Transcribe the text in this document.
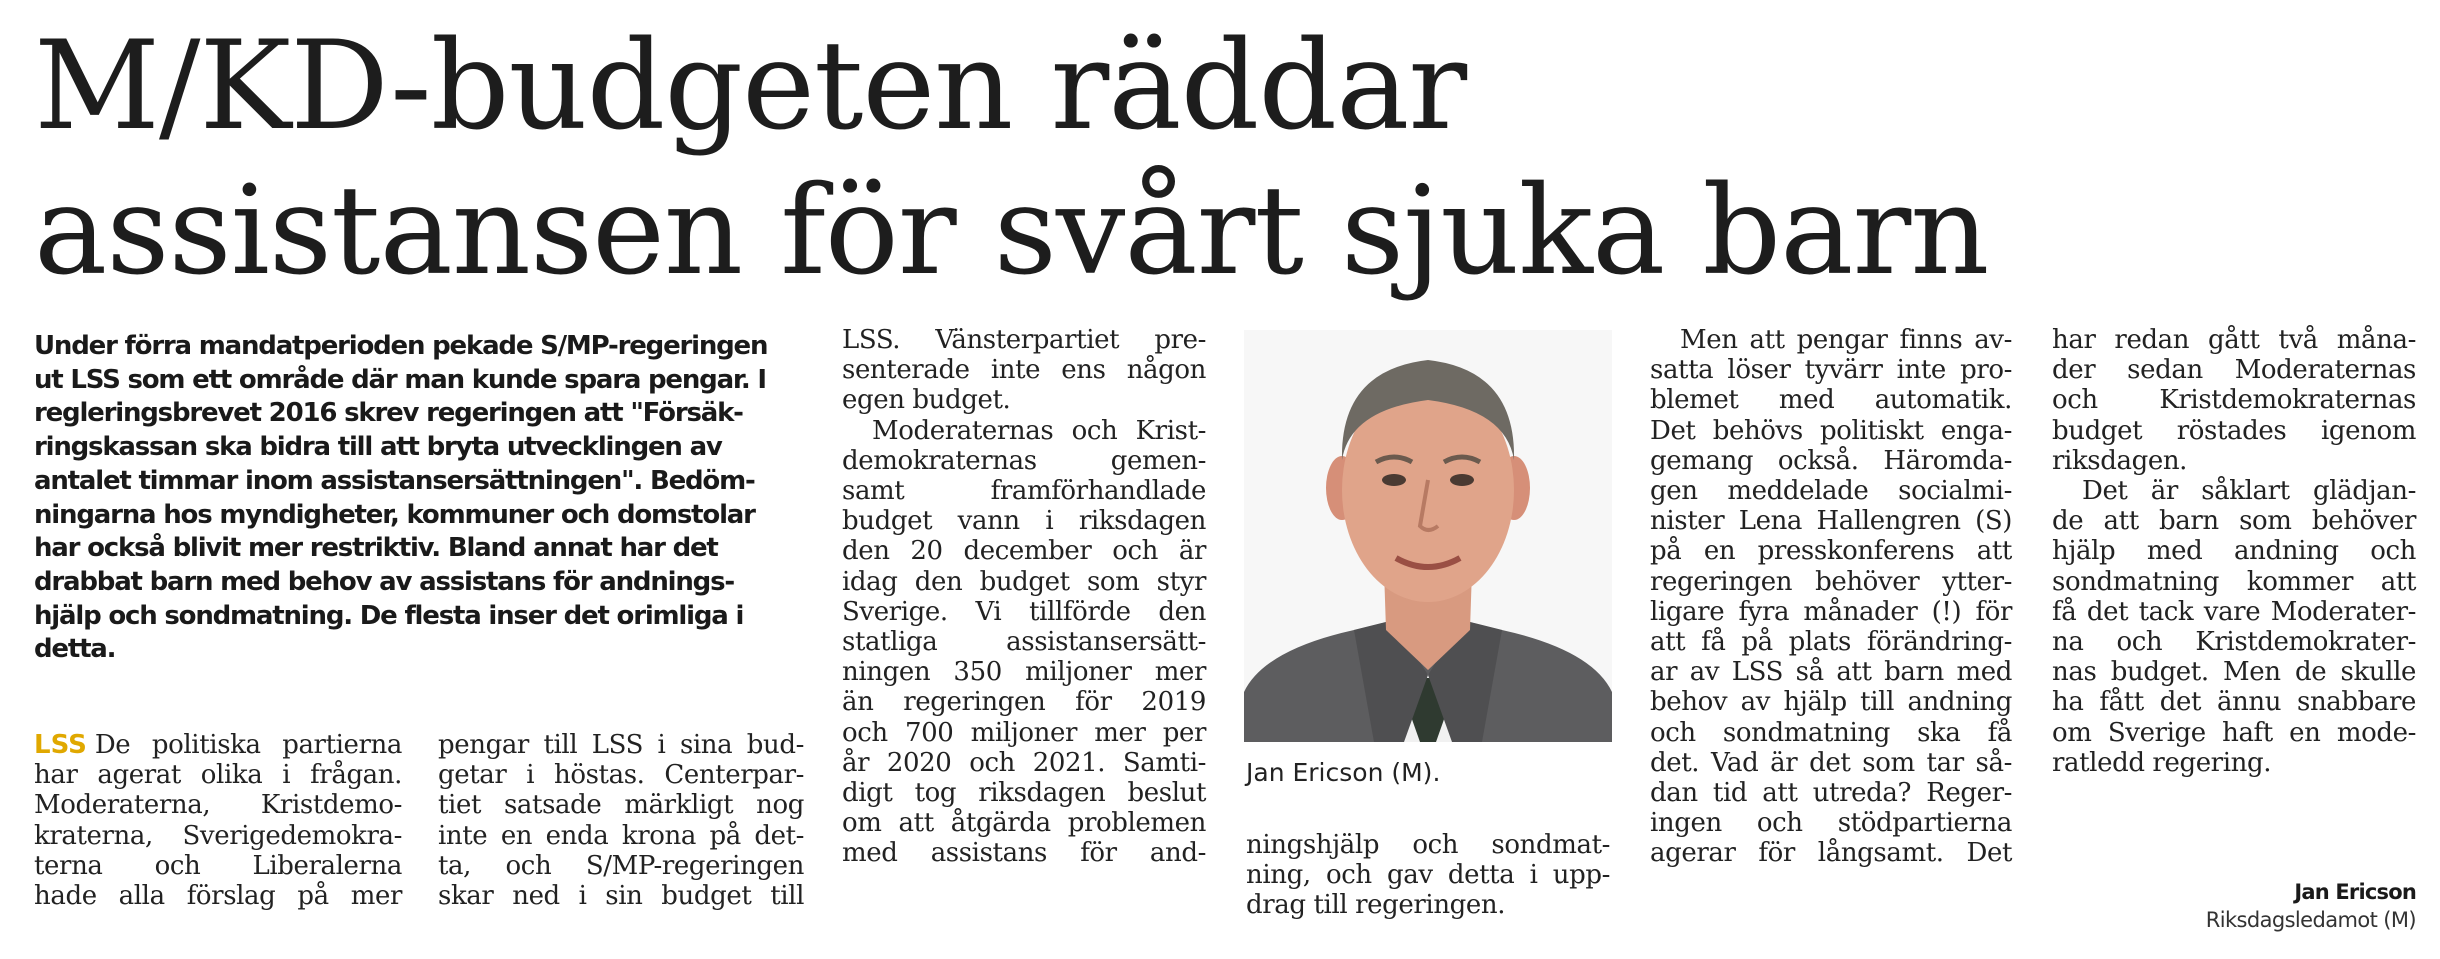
M/KD-budgeten räddar
assistansen för svårt sjuka barn

Under förra mandatperioden pekade S/MP-regeringen
ut LSS som ett område där man kunde spara pengar. I
regleringsbrevet 2016 skrev regeringen att "Försäk-
ringskassan ska bidra till att bryta utvecklingen av
antalet timmar inom assistansersättningen". Bedöm-
ningarna hos myndigheter, kommuner och domstolar
har också blivit mer restriktiv. Bland annat har det
drabbat barn med behov av assistans för andnings-
hjälp och sondmatning. De flesta inser det orimliga i
detta.

LSS De politiska partierna
har agerat olika i frågan.
Moderaterna, Kristdemo-
kraterna, Sverigedemokra-
terna och Liberalerna
hade alla förslag på mer
pengar till LSS i sina bud-
getar i höstas. Centerpar-
tiet satsade märkligt nog
inte en enda krona på det-
ta, och S/MP-regeringen
skar ned i sin budget till
LSS. Vänsterpartiet pre-
senterade inte ens någon
egen budget.
Moderaternas och Krist-
demokraternas gemen-
samt framförhandlade
budget vann i riksdagen
den 20 december och är
idag den budget som styr
Sverige. Vi tillförde den
statliga assistansersätt-
ningen 350 miljoner mer
än regeringen för 2019
och 700 miljoner mer per
år 2020 och 2021. Samti-
digt tog riksdagen beslut
om att åtgärda problemen
med assistans för and-

Jan Ericson (M).

ningshjälp och sondmat-
ning, och gav detta i upp-
drag till regeringen.
Men att pengar finns av-
satta löser tyvärr inte pro-
blemet med automatik.
Det behövs politiskt enga-
gemang också. Häromda-
gen meddelade socialmi-
nister Lena Hallengren (S)
på en presskonferens att
regeringen behöver ytter-
ligare fyra månader (!) för
att få på plats förändring-
ar av LSS så att barn med
behov av hjälp till andning
och sondmatning ska få
det. Vad är det som tar så-
dan tid att utreda? Reger-
ingen och stödpartierna
agerar för långsamt. Det
har redan gått två måna-
der sedan Moderaternas
och Kristdemokraternas
budget röstades igenom
riksdagen.
Det är såklart glädjan-
de att barn som behöver
hjälp med andning och
sondmatning kommer att
få det tack vare Moderater-
na och Kristdemokrater-
nas budget. Men de skulle
ha fått det ännu snabbare
om Sverige haft en mode-
ratledd regering.
Jan Ericson
Riksdagsledamot (M)
